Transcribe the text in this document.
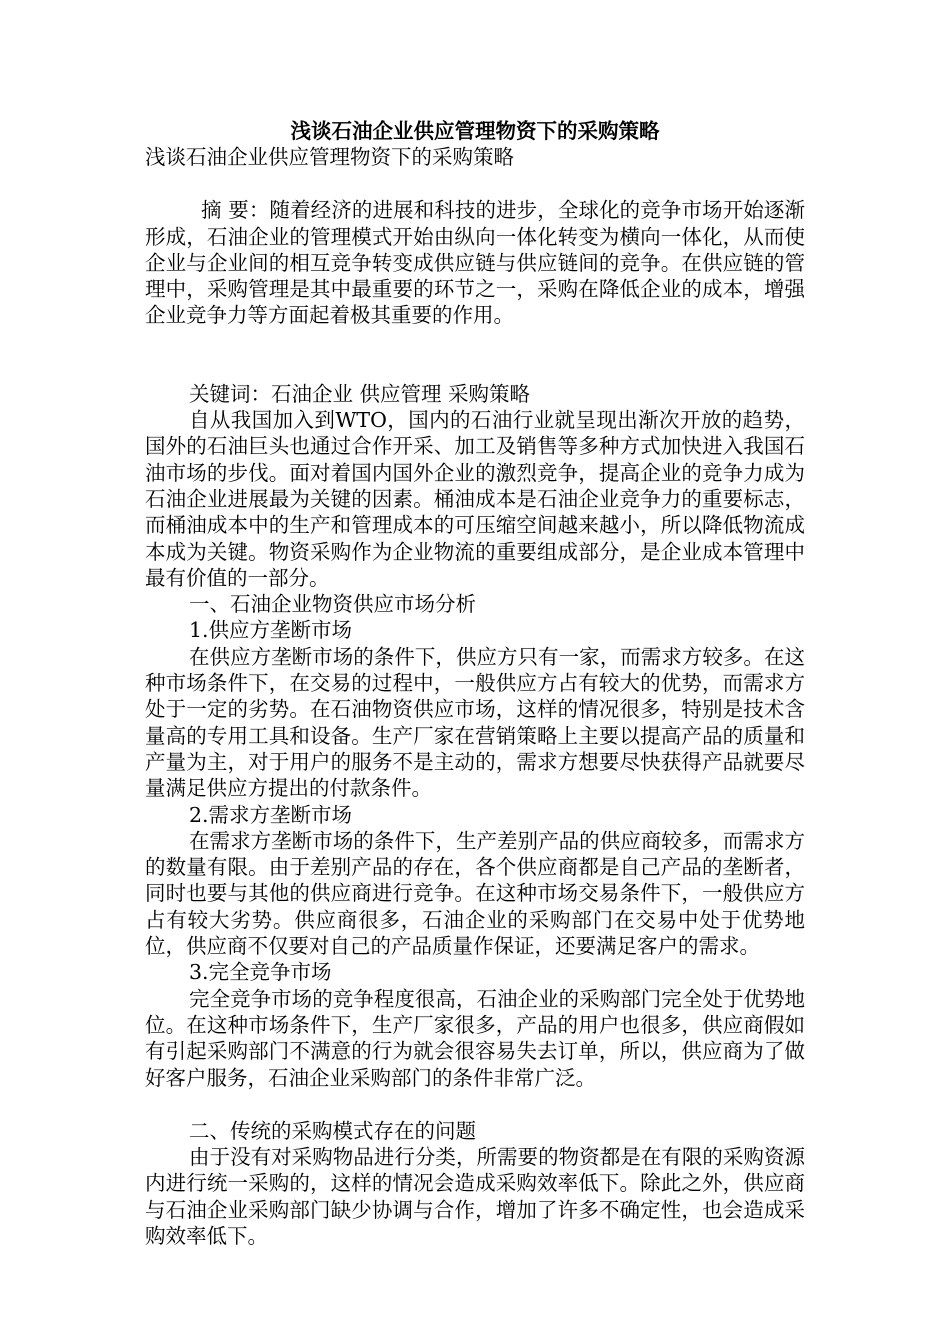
浅谈石油企业供应管理物资下的采购策略

浅谈石油企业供应管理物资下的采购策略

摘 要：随着经济的进展和科技的进步，全球化的竞争市场开始逐渐形成，石油企业的管理模式开始由纵向一体化转变为横向一体化，从而使企业与企业间的相互竞争转变成供应链与供应链间的竞争。在供应链的管理中，采购管理是其中最重要的环节之一，采购在降低企业的成本，增强企业竞争力等方面起着极其重要的作用。

关键词：石油企业 供应管理 采购策略

自从我国加入到WTO，国内的石油行业就呈现出渐次开放的趋势，国外的石油巨头也通过合作开采、加工及销售等多种方式加快进入我国石油市场的步伐。面对着国内国外企业的激烈竞争，提高企业的竞争力成为石油企业进展最为关键的因素。桶油成本是石油企业竞争力的重要标志，而桶油成本中的生产和管理成本的可压缩空间越来越小，所以降低物流成本成为关键。物资采购作为企业物流的重要组成部分，是企业成本管理中最有价值的一部分。

一、石油企业物资供应市场分析

1.供应方垄断市场

在供应方垄断市场的条件下，供应方只有一家，而需求方较多。在这种市场条件下，在交易的过程中，一般供应方占有较大的优势，而需求方处于一定的劣势。在石油物资供应市场，这样的情况很多，特别是技术含量高的专用工具和设备。生产厂家在营销策略上主要以提高产品的质量和产量为主，对于用户的服务不是主动的，需求方想要尽快获得产品就要尽量满足供应方提出的付款条件。

2.需求方垄断市场

在需求方垄断市场的条件下，生产差别产品的供应商较多，而需求方的数量有限。由于差别产品的存在，各个供应商都是自己产品的垄断者，同时也要与其他的供应商进行竞争。在这种市场交易条件下，一般供应方占有较大劣势。供应商很多，石油企业的采购部门在交易中处于优势地位，供应商不仅要对自己的产品质量作保证，还要满足客户的需求。

3.完全竞争市场

完全竞争市场的竞争程度很高，石油企业的采购部门完全处于优势地位。在这种市场条件下，生产厂家很多，产品的用户也很多，供应商假如有引起采购部门不满意的行为就会很容易失去订单，所以，供应商为了做好客户服务，石油企业采购部门的条件非常广泛。

二、传统的采购模式存在的问题

由于没有对采购物品进行分类，所需要的物资都是在有限的采购资源内进行统一采购的，这样的情况会造成采购效率低下。除此之外，供应商与石油企业采购部门缺少协调与合作，增加了许多不确定性，也会造成采购效率低下。
